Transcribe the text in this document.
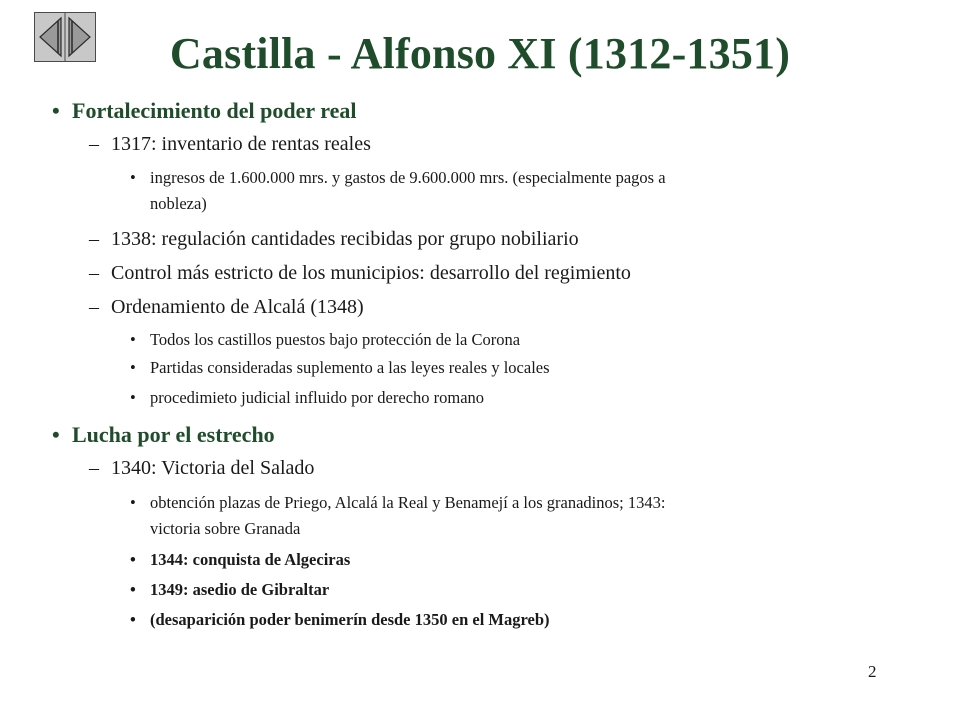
Castilla - Alfonso XI (1312-1351)
• Fortalecimiento del poder real
– 1317: inventario de rentas reales
• ingresos de 1.600.000 mrs. y gastos de 9.600.000 mrs. (especialmente pagos a
nobleza)
– 1338: regulación cantidades recibidas por grupo nobiliario
– Control más estricto de los municipios: desarrollo del regimiento
– Ordenamiento de Alcalá (1348)
• Todos los castillos puestos bajo protección de la Corona
• Partidas consideradas suplemento a las leyes reales y locales
• procedimieto judicial influido por derecho romano
• Lucha por el estrecho
– 1340: Victoria del Salado
• obtención plazas de Priego, Alcalá la Real y Benamejí a los granadinos; 1343:
victoria sobre Granada
• 1344: conquista de Algeciras
• 1349: asedio de Gibraltar
• (desaparición poder benimerín desde 1350 en el Magreb)
2
